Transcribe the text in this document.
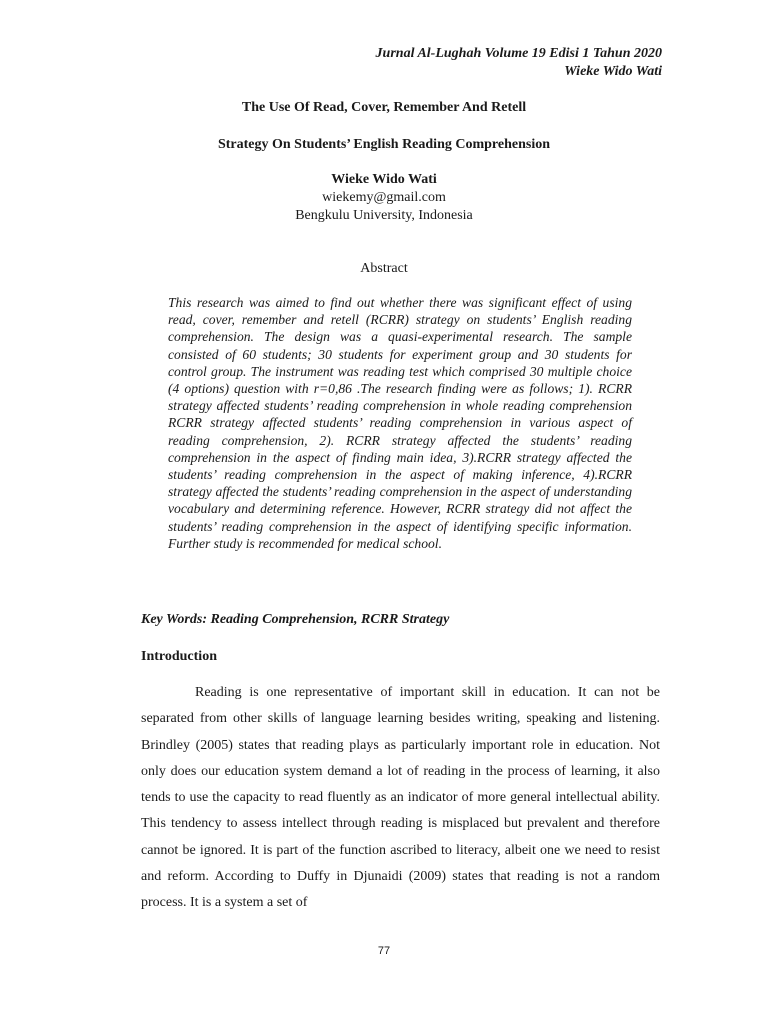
Jurnal Al-Lughah Volume 19 Edisi 1 Tahun 2020
Wieke Wido Wati
The Use Of Read, Cover, Remember And Retell
Strategy On Students’ English Reading Comprehension
Wieke Wido Wati
wiekemy@gmail.com
Bengkulu University, Indonesia
Abstract
This research was aimed to find out whether there was significant effect of using read, cover, remember and retell (RCRR) strategy on students’ English reading comprehension. The design was a quasi-experimental research. The sample consisted of 60 students; 30 students for experiment group and 30 students for control group. The instrument was reading test which comprised 30 multiple choice (4 options) question with r=0,86 .The research finding were as follows; 1). RCRR strategy affected students’ reading comprehension in whole reading comprehension RCRR strategy affected students’ reading comprehension in various aspect of reading comprehension, 2). RCRR strategy affected the students’ reading comprehension in the aspect of finding main idea, 3).RCRR strategy affected the students’ reading comprehension in the aspect of making inference, 4).RCRR strategy affected the students’ reading comprehension in the aspect of understanding vocabulary and determining reference. However, RCRR strategy did not affect the students’ reading comprehension in the aspect of identifying specific information. Further study is recommended for medical school.
Key Words: Reading Comprehension, RCRR Strategy
Introduction
Reading is one representative of important skill in education. It can not be separated from other skills of language learning besides writing, speaking and listening. Brindley (2005) states that reading plays as particularly important role in education. Not only does our education system demand a lot of reading in the process of learning, it also tends to use the capacity to read fluently as an indicator of more general intellectual ability. This tendency to assess intellect through reading is misplaced but prevalent and therefore cannot be ignored. It is part of the function ascribed to literacy, albeit one we need to resist and reform. According to Duffy in Djunaidi (2009) states that reading is not a random process. It is a system a set of
77
